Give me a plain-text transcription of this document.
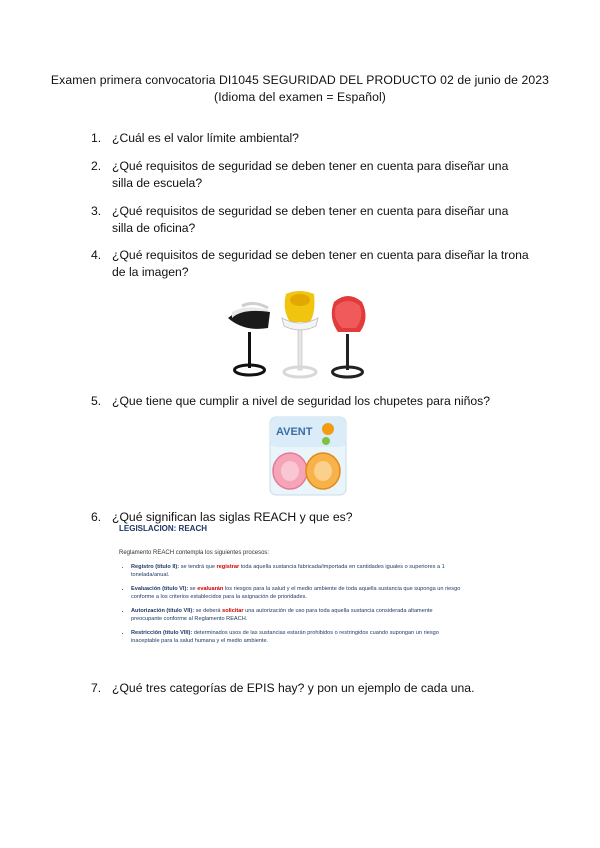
Examen primera convocatoria DI1045 SEGURIDAD DEL PRODUCTO 02 de junio de 2023
(Idioma del examen = Español)
1. ¿Cuál es el valor límite ambiental?
2. ¿Qué requisitos de seguridad se deben tener en cuenta para diseñar una silla de escuela?
3. ¿Qué requisitos de seguridad se deben tener en cuenta para diseñar una silla de oficina?
4. ¿Qué requisitos de seguridad se deben tener en cuenta para diseñar la trona de la imagen?
5. ¿Que tiene que cumplir a nivel de seguridad los chupetes para niños?
AVENT
6. ¿Qué significan las siglas REACH y que es?
LEGISLACION: REACH
Reglamento REACH contempla los siguientes procesos:
• Registro (título II): se tendrá que registrar toda aquella sustancia fabricada/importada en cantidades iguales o superiores a 1 tonelada/anual.
• Evaluación (título VI): se evaluarán los riesgos para la salud y el medio ambiente de toda aquella sustancia que suponga un riesgo conforme a los criterios establecidos para la asignación de prioridades.
• Autorización (título VII): se deberá solicitar una autorización de uso para toda aquella sustancia considerada altamente preocupante conforme al Reglamento REACH.
• Restricción (título VIII): determinados usos de las sustancias estarán prohibidos o restringidos cuando supongan un riesgo inaceptable para la salud humana y el medio ambiente.
7. ¿Qué tres categorías de EPIS hay? y pon un ejemplo de cada una.
